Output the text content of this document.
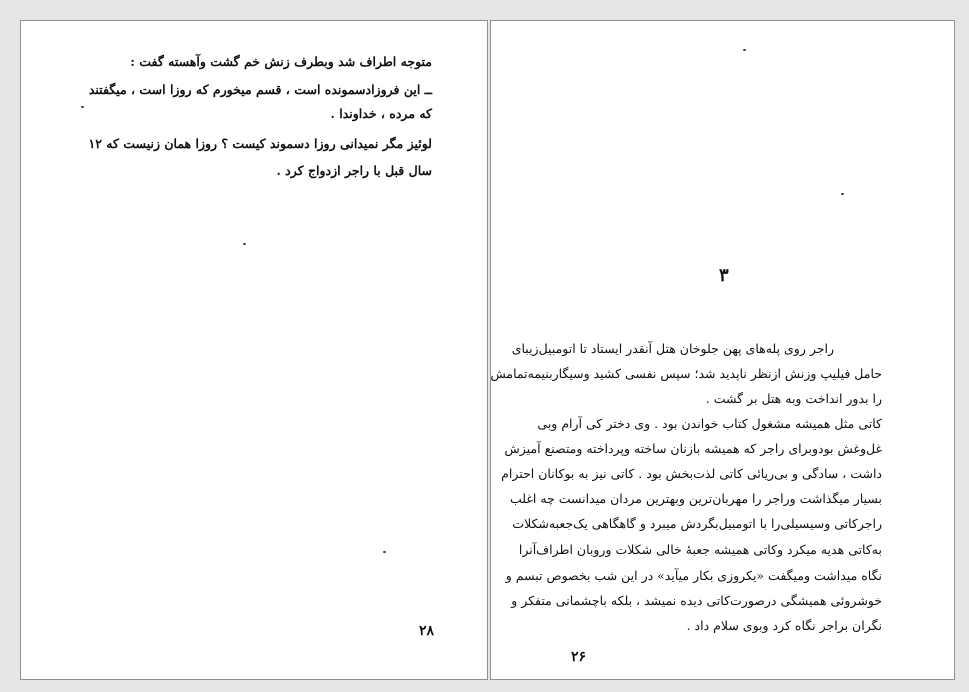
متوجه اطراف شد وبطرف زنش خم گشت وآهسته گفت :
ــ این فروزادسمونده است ، قسم میخورم که روزا است ، میگفتند
که مرده ، خداوندا .
لوئیز مگر نمیدانی روزا دسموند کیست ؟ روزا همان زنیست که ۱۲
سال قبل با راجر ازدواج کرد .
۲۸
۳
راجر روی پله‌های پهن جلوخان هتل آنقدر ایستاد تا اتومبیل‌زیبای
حامل فیلیپ وزنش ازنظر ناپدید شد؛ سپس نفسی کشید وسیگاربنیمه‌تمامش
را بدور انداخت وبه هتل بر گشت .
کاتی مثل همیشه مشغول کتاب خواندن بود . وی دختر کی آرام وبی
غل‌وغش بودوبرای راجر که همیشه بازنان ساخته وپرداخته ومتصنع آمیزش
داشت ، سادگی و بی‌ریائی کاتی لذت‌بخش بود . کاتی نیز به بوکانان احترام
بسیار میگذاشت وراجر را مهربان‌ترین وبهترین مردان میدانست چه اغلب
راجرکاتی وسیسیلی‌را با اتومبیل‌بگردش میبرد و گاهگاهی یک‌جعبه‌شکلات
به‌کاتی هدیه میکرد وکاتی همیشه جعبهٔ خالی شکلات وروبان اطراف‌آنرا
نگاه میداشت ومیگفت «یکروزی بکار میآید» در این شب بخصوص تبسم و
خوشروئی همیشگی درصورت‌کاتی دیده نمیشد ، بلکه باچشمانی متفکر و
نگران براجر نگاه کرد وبوی سلام داد .
۲۶
